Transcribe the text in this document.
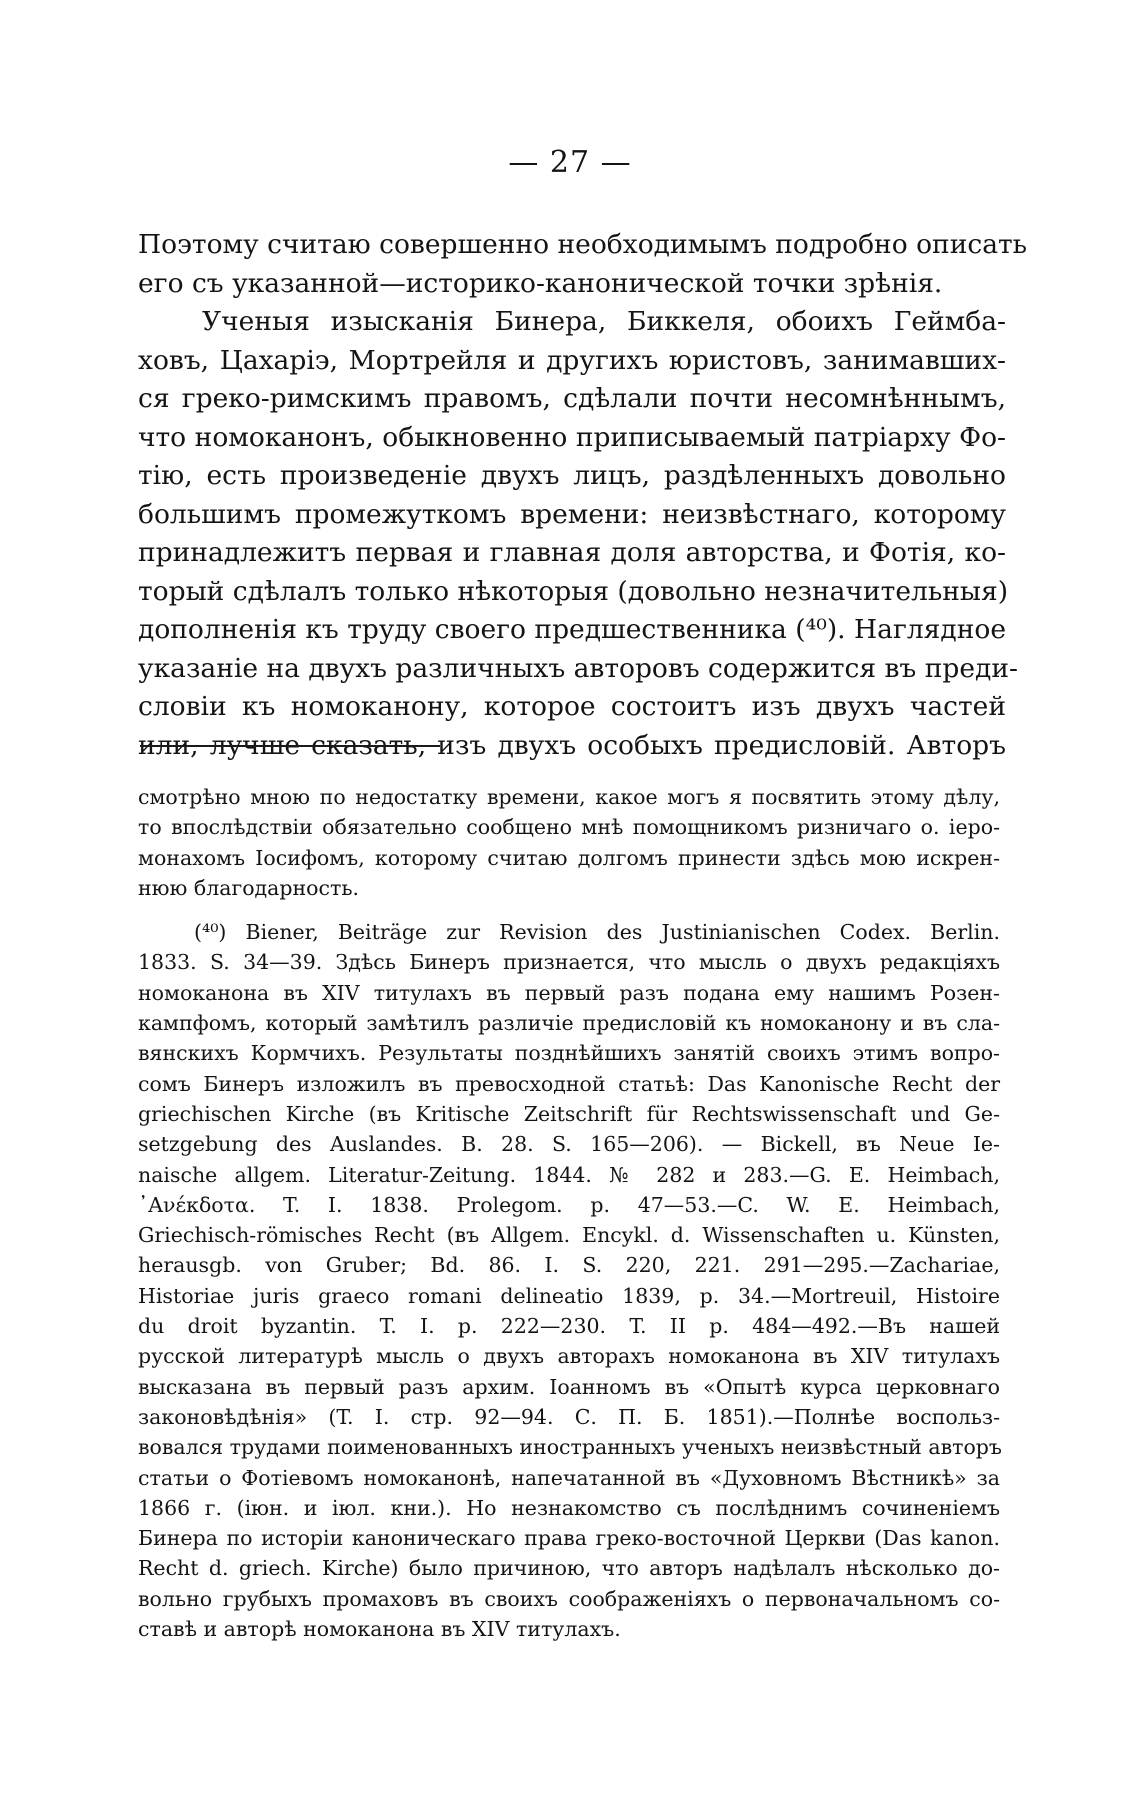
— 27 —
Поэтому считаю совершенно необходимымъ подробно описать
его съ указанной—историко-канонической точки зрѣнія.
Ученыя изысканія Бинера, Биккеля, обоихъ Геймба-
ховъ, Цахаріэ, Мортрейля и другихъ юристовъ, занимавших-
ся греко-римскимъ правомъ, сдѣлали почти несомнѣннымъ,
что номоканонъ, обыкновенно приписываемый патріарху Фо-
тію, есть произведеніе двухъ лицъ, раздѣленныхъ довольно
большимъ промежуткомъ времени: неизвѣстнаго, которому
принадлежитъ первая и главная доля авторства, и Фотія, ко-
торый сдѣлалъ только нѣкоторыя (довольно незначительныя)
дополненія къ труду своего предшественника (⁴⁰). Наглядное
указаніе на двухъ различныхъ авторовъ содержится въ преди-
словіи къ номоканону, которое состоитъ изъ двухъ частей
или, лучше сказать, изъ двухъ особыхъ предисловій. Авторъ
смотрѣно мною по недостатку времени, какое могъ я посвятить этому дѣлу,
то впослѣдствіи обязательно сообщено мнѣ помощникомъ ризничаго о. іеро-
монахомъ Іосифомъ, которому считаю долгомъ принести здѣсь мою искрен-
нюю благодарность.
(⁴⁰) Biener, Beiträge zur Revision des Justinianischen Codex. Berlin.
1833. S. 34—39. Здѣсь Бинеръ признается, что мысль о двухъ редакціяхъ
номоканона въ XIV титулахъ въ первый разъ подана ему нашимъ Розен-
кампфомъ, который замѣтилъ различіе предисловій къ номоканону и въ сла-
вянскихъ Кормчихъ. Результаты позднѣйшихъ занятій своихъ этимъ вопро-
сомъ Бинеръ изложилъ въ превосходной статьѣ: Das Kanonische Recht der
griechischen Kirche (въ Kritische Zeitschrift für Rechtswissenschaft und Ge-
setzgebung des Auslandes. B. 28. S. 165—206). — Bickell, въ Neue Ie-
naische allgem. Literatur-Zeitung. 1844. № 282 и 283.—G. E. Heimbach,
᾿Ανέκδοτα. T. I. 1838. Prolegom. p. 47—53.—C. W. E. Heimbach,
Griechisch-römisches Recht (въ Allgem. Encykl. d. Wissenschaften u. Künsten,
herausgb. von Gruber; Bd. 86. I. S. 220, 221. 291—295.—Zachariae,
Historiae juris graeco romani delineatio 1839, p. 34.—Mortreuil, Histoire
du droit byzantin. T. I. p. 222—230. T. II p. 484—492.—Въ нашей
русской литературѣ мысль о двухъ авторахъ номоканона въ XIV титулахъ
высказана въ первый разъ архим. Іоанномъ въ «Опытѣ курса церковнаго
законовѣдѣнія» (T. I. стр. 92—94. С. П. Б. 1851).—Полнѣе воспольз-
вовался трудами поименованныхъ иностранныхъ ученыхъ неизвѣстный авторъ
статьи о Фотіевомъ номоканонѣ, напечатанной въ «Духовномъ Вѣстникѣ» за
1866 г. (іюн. и іюл. кни.). Но незнакомство съ послѣднимъ сочиненіемъ
Бинера по исторіи каноническаго права греко-восточной Церкви (Das kanon.
Recht d. griech. Kirche) было причиною, что авторъ надѣлалъ нѣсколько до-
вольно грубыхъ промаховъ въ своихъ соображеніяхъ о первоначальномъ со-
ставѣ и авторѣ номоканона въ XIV титулахъ.
